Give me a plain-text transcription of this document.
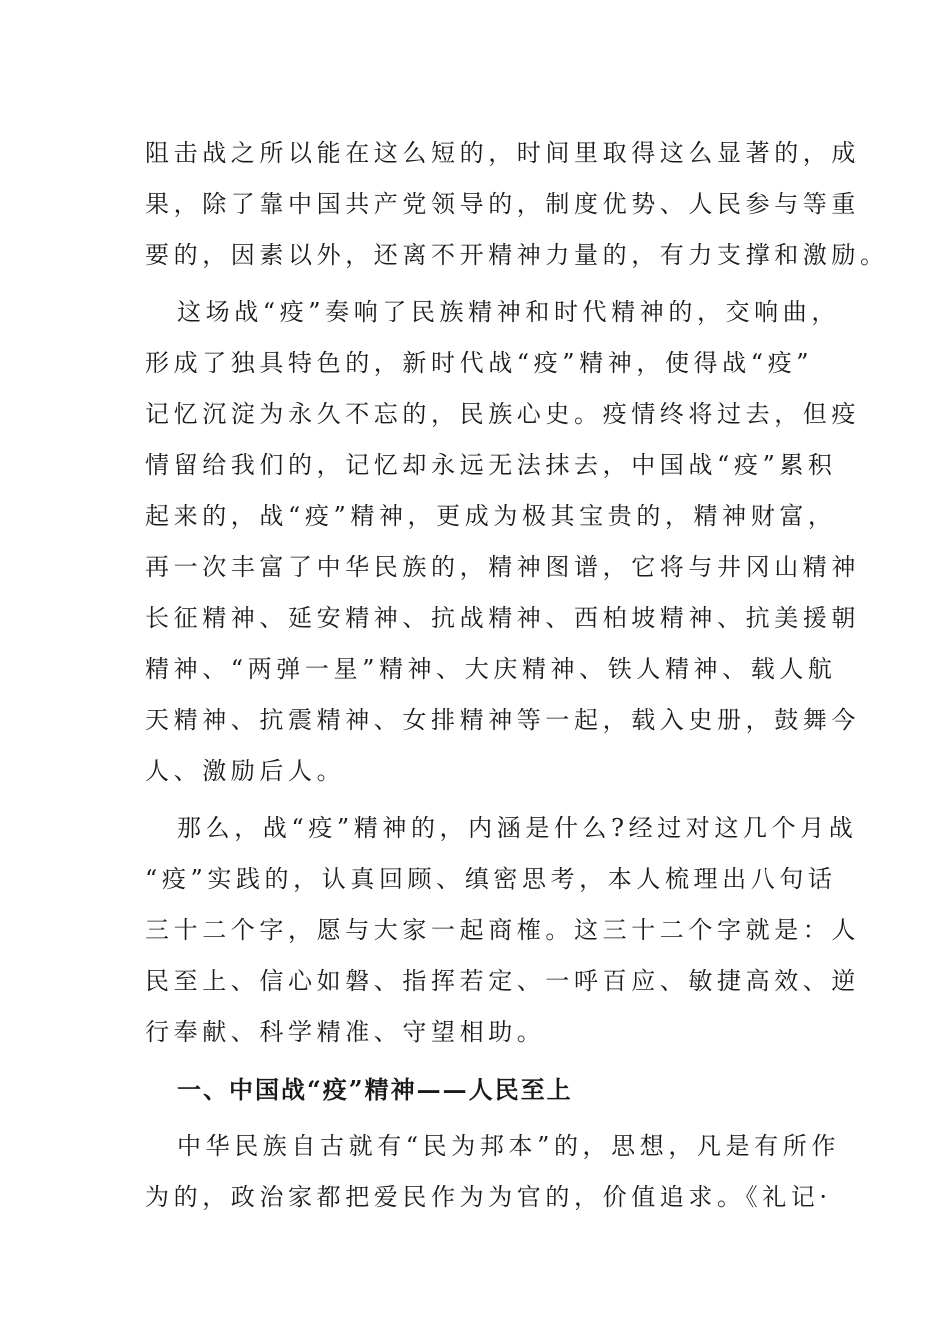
阻击战之所以能在这么短的，时间里取得这么显著的，成
果，除了靠中国共产党领导的，制度优势、人民参与等重
要的，因素以外，还离不开精神力量的，有力支撑和激励。
这场战“疫”奏响了民族精神和时代精神的，交响曲，
形成了独具特色的，新时代战“疫”精神，使得战“疫”
记忆沉淀为永久不忘的，民族心史。疫情终将过去，但疫
情留给我们的，记忆却永远无法抹去，中国战“疫”累积
起来的，战“疫”精神，更成为极其宝贵的，精神财富，
再一次丰富了中华民族的，精神图谱，它将与井冈山精神
长征精神、延安精神、抗战精神、西柏坡精神、抗美援朝
精神、“两弹一星”精神、大庆精神、铁人精神、载人航
天精神、抗震精神、女排精神等一起，载入史册，鼓舞今
人、激励后人。
那么，战“疫”精神的，内涵是什么?经过对这几个月战
“疫”实践的，认真回顾、缜密思考，本人梳理出八句话
三十二个字，愿与大家一起商榷。这三十二个字就是：人
民至上、信心如磐、指挥若定、一呼百应、敏捷高效、逆
行奉献、科学精准、守望相助。
一、中国战“疫”精神——人民至上
中华民族自古就有“民为邦本”的，思想，凡是有所作
为的，政治家都把爱民作为为官的，价值追求。《礼记·
